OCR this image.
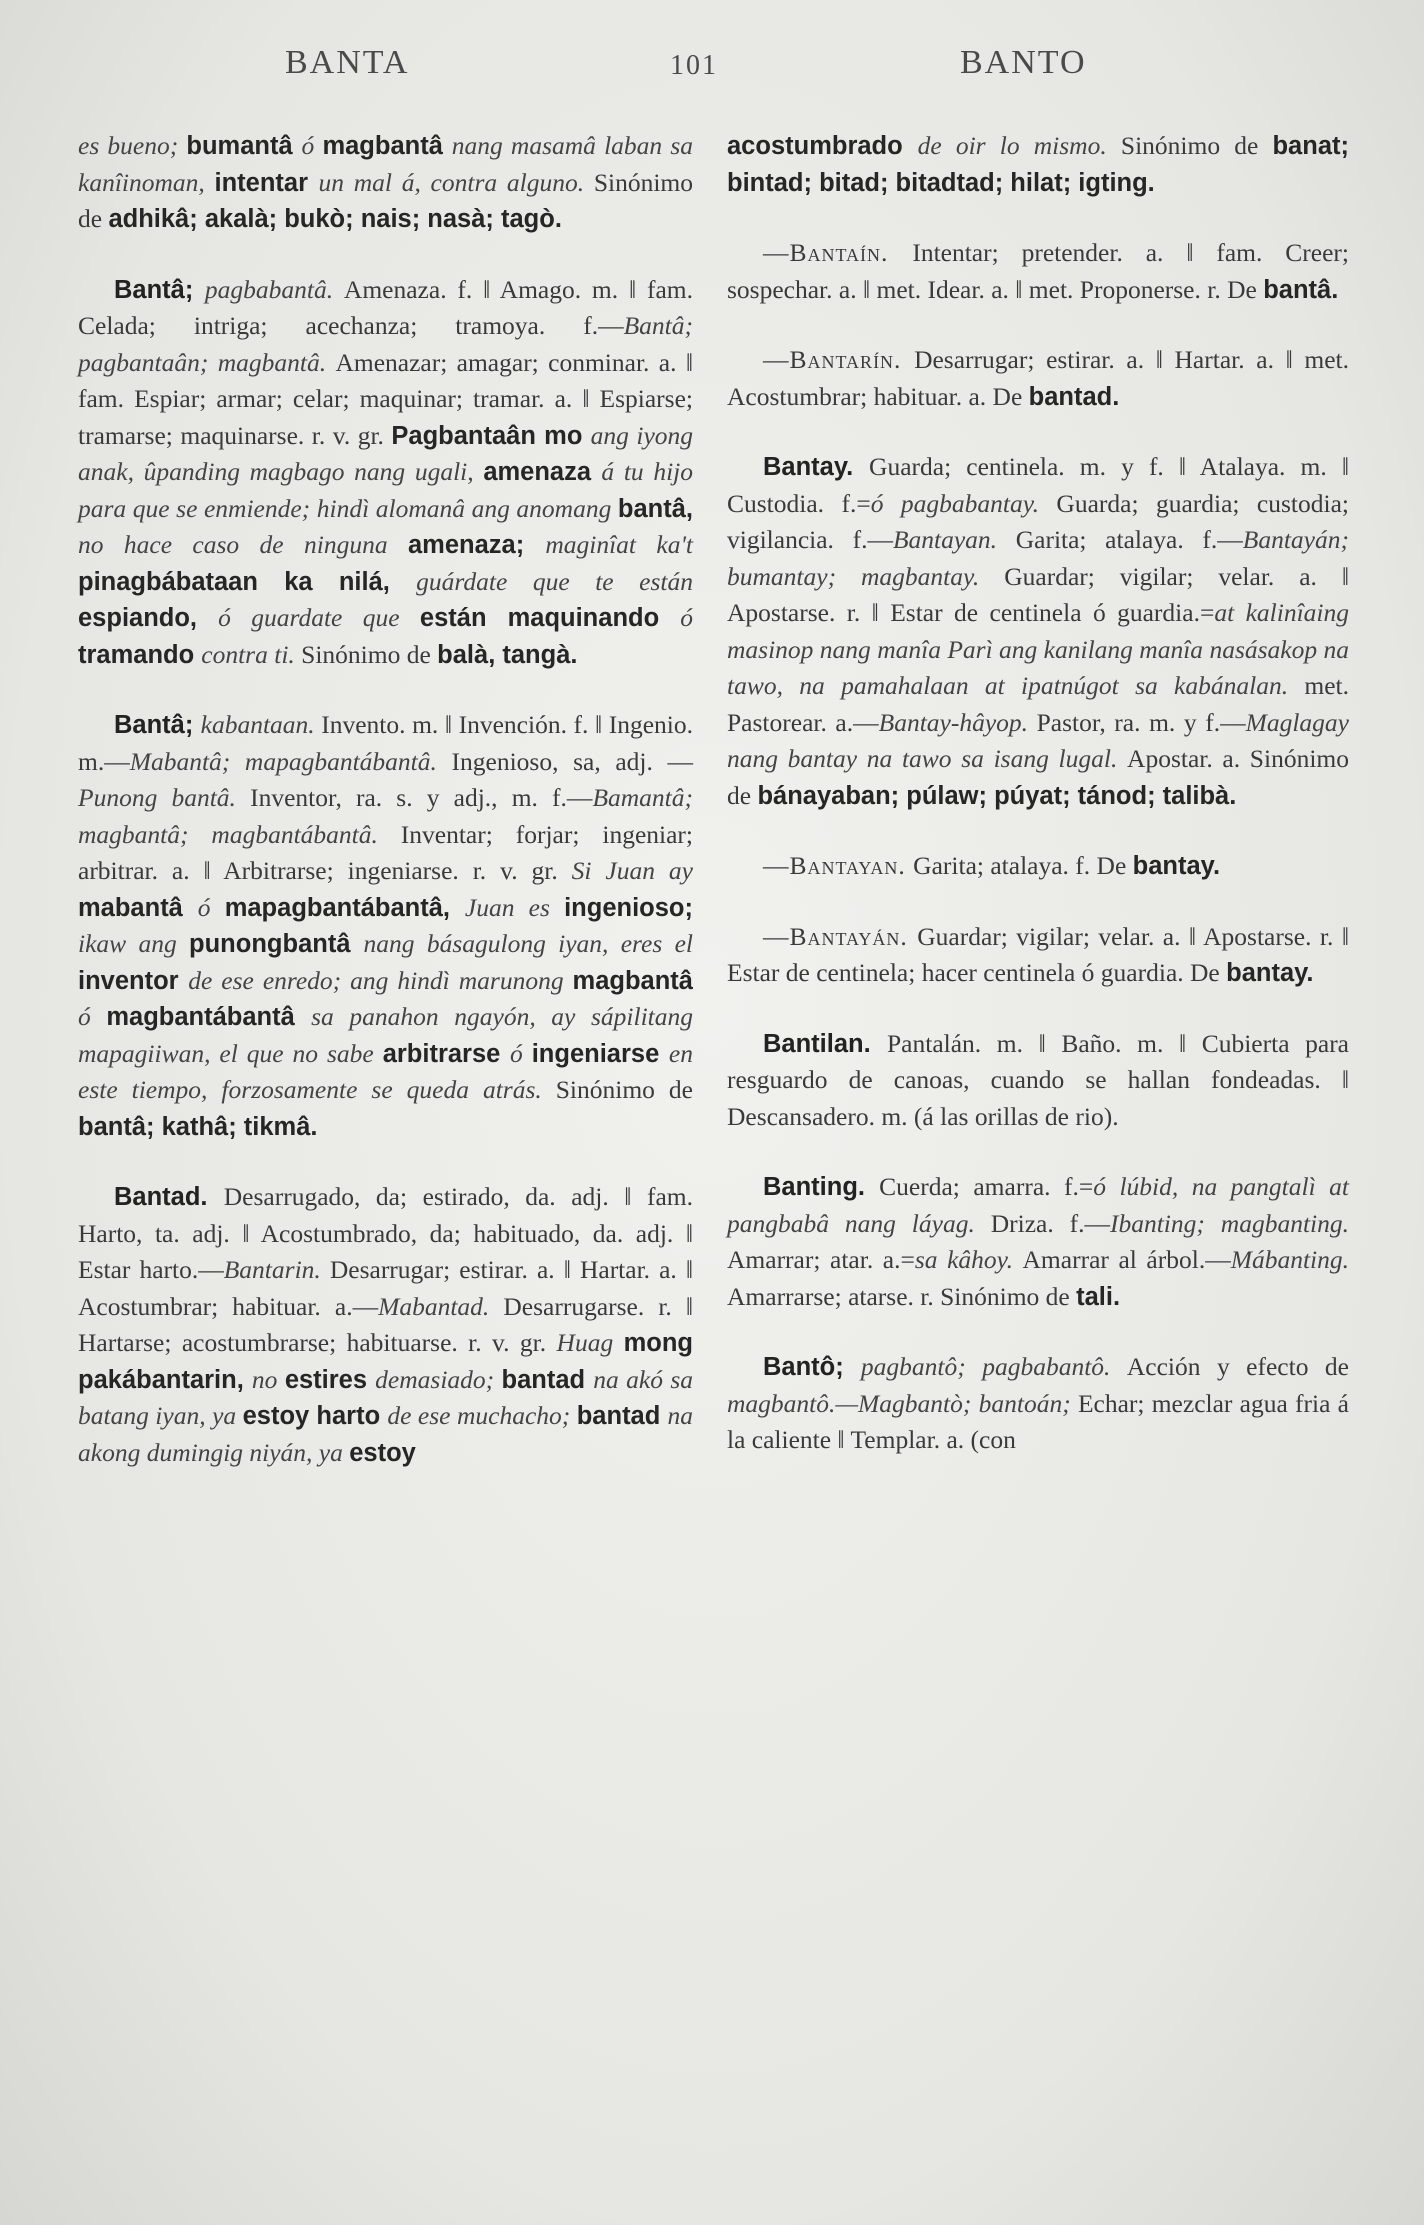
BANTA	101	BANTO

es bueno; bumantâ ó magbantâ nang masamâ laban sa kanîinoman, intentar un mal á, contra alguno. Sinónimo de adhikâ; akalà; bukò; nais; nasà; tagò.

Bantâ; pagbabantâ. Amenaza. f. ‖ Amago. m. ‖ fam. Celada; intriga; acechanza; tramoya. f.—Bantâ; pagbantaân; magbantâ. Amenazar; amagar; conminar. a. ‖ fam. Espiar; armar; celar; maquinar; tramar. a. ‖ Espiarse; tramarse; maquinarse. r. v. gr. Pagbantaân mo ang iyong anak, ûpanding magbago nang ugali, amenaza á tu hijo para que se enmiende; hindì alomanâ ang anomang bantâ, no hace caso de ninguna amenaza; maginîat ka't pinagbábataan ka nilá, guárdate que te están espiando, ó guardate que están maquinando ó tramando contra ti. Sinónimo de balà, tangà.

Bantâ; kabantaan. Invento. m. ‖ Invención. f. ‖ Ingenio. m.—Mabantâ; mapagbantábantâ. Ingenioso, sa, adj. —Punong bantâ. Inventor, ra. s. y adj., m. f.—Bamantâ; magbantâ; magbantábantâ. Inventar; forjar; ingeniar; arbitrar. a. ‖ Arbitrarse; ingeniarse. r. v. gr. Si Juan ay mabantâ ó mapagbantábantâ, Juan es ingenioso; ikaw ang punongbantâ nang básagulong iyan, eres el inventor de ese enredo; ang hindì marunong magbantâ ó magbantábantâ sa panahon ngayón, ay sápilitang mapagiiwan, el que no sabe arbitrarse ó ingeniarse en este tiempo, forzosamente se queda atrás. Sinónimo de bantâ; kathâ; tikmâ.

Bantad. Desarrugado, da; estirado, da. adj. ‖ fam. Harto, ta. adj. ‖ Acostumbrado, da; habituado, da. adj. ‖ Estar harto.—Bantarin. Desarrugar; estirar. a. ‖ Hartar. a. ‖ Acostumbrar; habituar. a.—Mabantad. Desarrugarse. r. ‖ Hartarse; acostumbrarse; habituarse. r. v. gr. Huag mong pakábantarin, no estires demasiado; bantad na akó sa batang iyan, ya estoy harto de ese muchacho; bantad na akong dumingig niyán, ya estoy

acostumbrado de oir lo mismo. Sinónimo de banat; bintad; bitad; bitadtad; hilat; igting.

—Bantaín. Intentar; pretender. a. ‖ fam. Creer; sospechar. a. ‖ met. Idear. a. ‖ met. Proponerse. r. De bantâ.

—Bantarín. Desarrugar; estirar. a. ‖ Hartar. a. ‖ met. Acostumbrar; habituar. a. De bantad.

Bantay. Guarda; centinela. m. y f. ‖ Atalaya. m. ‖ Custodia. f.=ó pagbabantay. Guarda; guardia; custodia; vigilancia. f.—Bantayan. Garita; atalaya. f.—Bantayán; bumantay; magbantay. Guardar; vigilar; velar. a. ‖ Apostarse. r. ‖ Estar de centinela ó guardia.=at kalinîaing masinop nang manîa Parì ang kanilang manîa nasásakop na tawo, na pamahalaan at ipatnúgot sa kabánalan. met. Pastorear. a.—Bantay-hâyop. Pastor, ra. m. y f.—Maglagay nang bantay na tawo sa isang lugal. Apostar. a. Sinónimo de bánayaban; púlaw; púyat; tánod; talibà.

—Bantayan. Garita; atalaya. f. De bantay.

—Bantayán. Guardar; vigilar; velar. a. ‖ Apostarse. r. ‖ Estar de centinela; hacer centinela ó guardia. De bantay.

Bantilan. Pantalán. m. ‖ Baño. m. ‖ Cubierta para resguardo de canoas, cuando se hallan fondeadas. ‖ Descansadero. m. (á las orillas de rio).

Banting. Cuerda; amarra. f.=ó lúbid, na pangtalì at pangbabâ nang láyag. Driza. f.—Ibanting; magbanting. Amarrar; atar. a.=sa kâhoy. Amarrar al árbol.—Mábanting. Amarrarse; atarse. r. Sinónimo de tali.

Bantô; pagbantô; pagbabantô. Acción y efecto de magbantô.—Magbantò; bantoán; Echar; mezclar agua fria á la caliente ‖ Templar. a. (con
